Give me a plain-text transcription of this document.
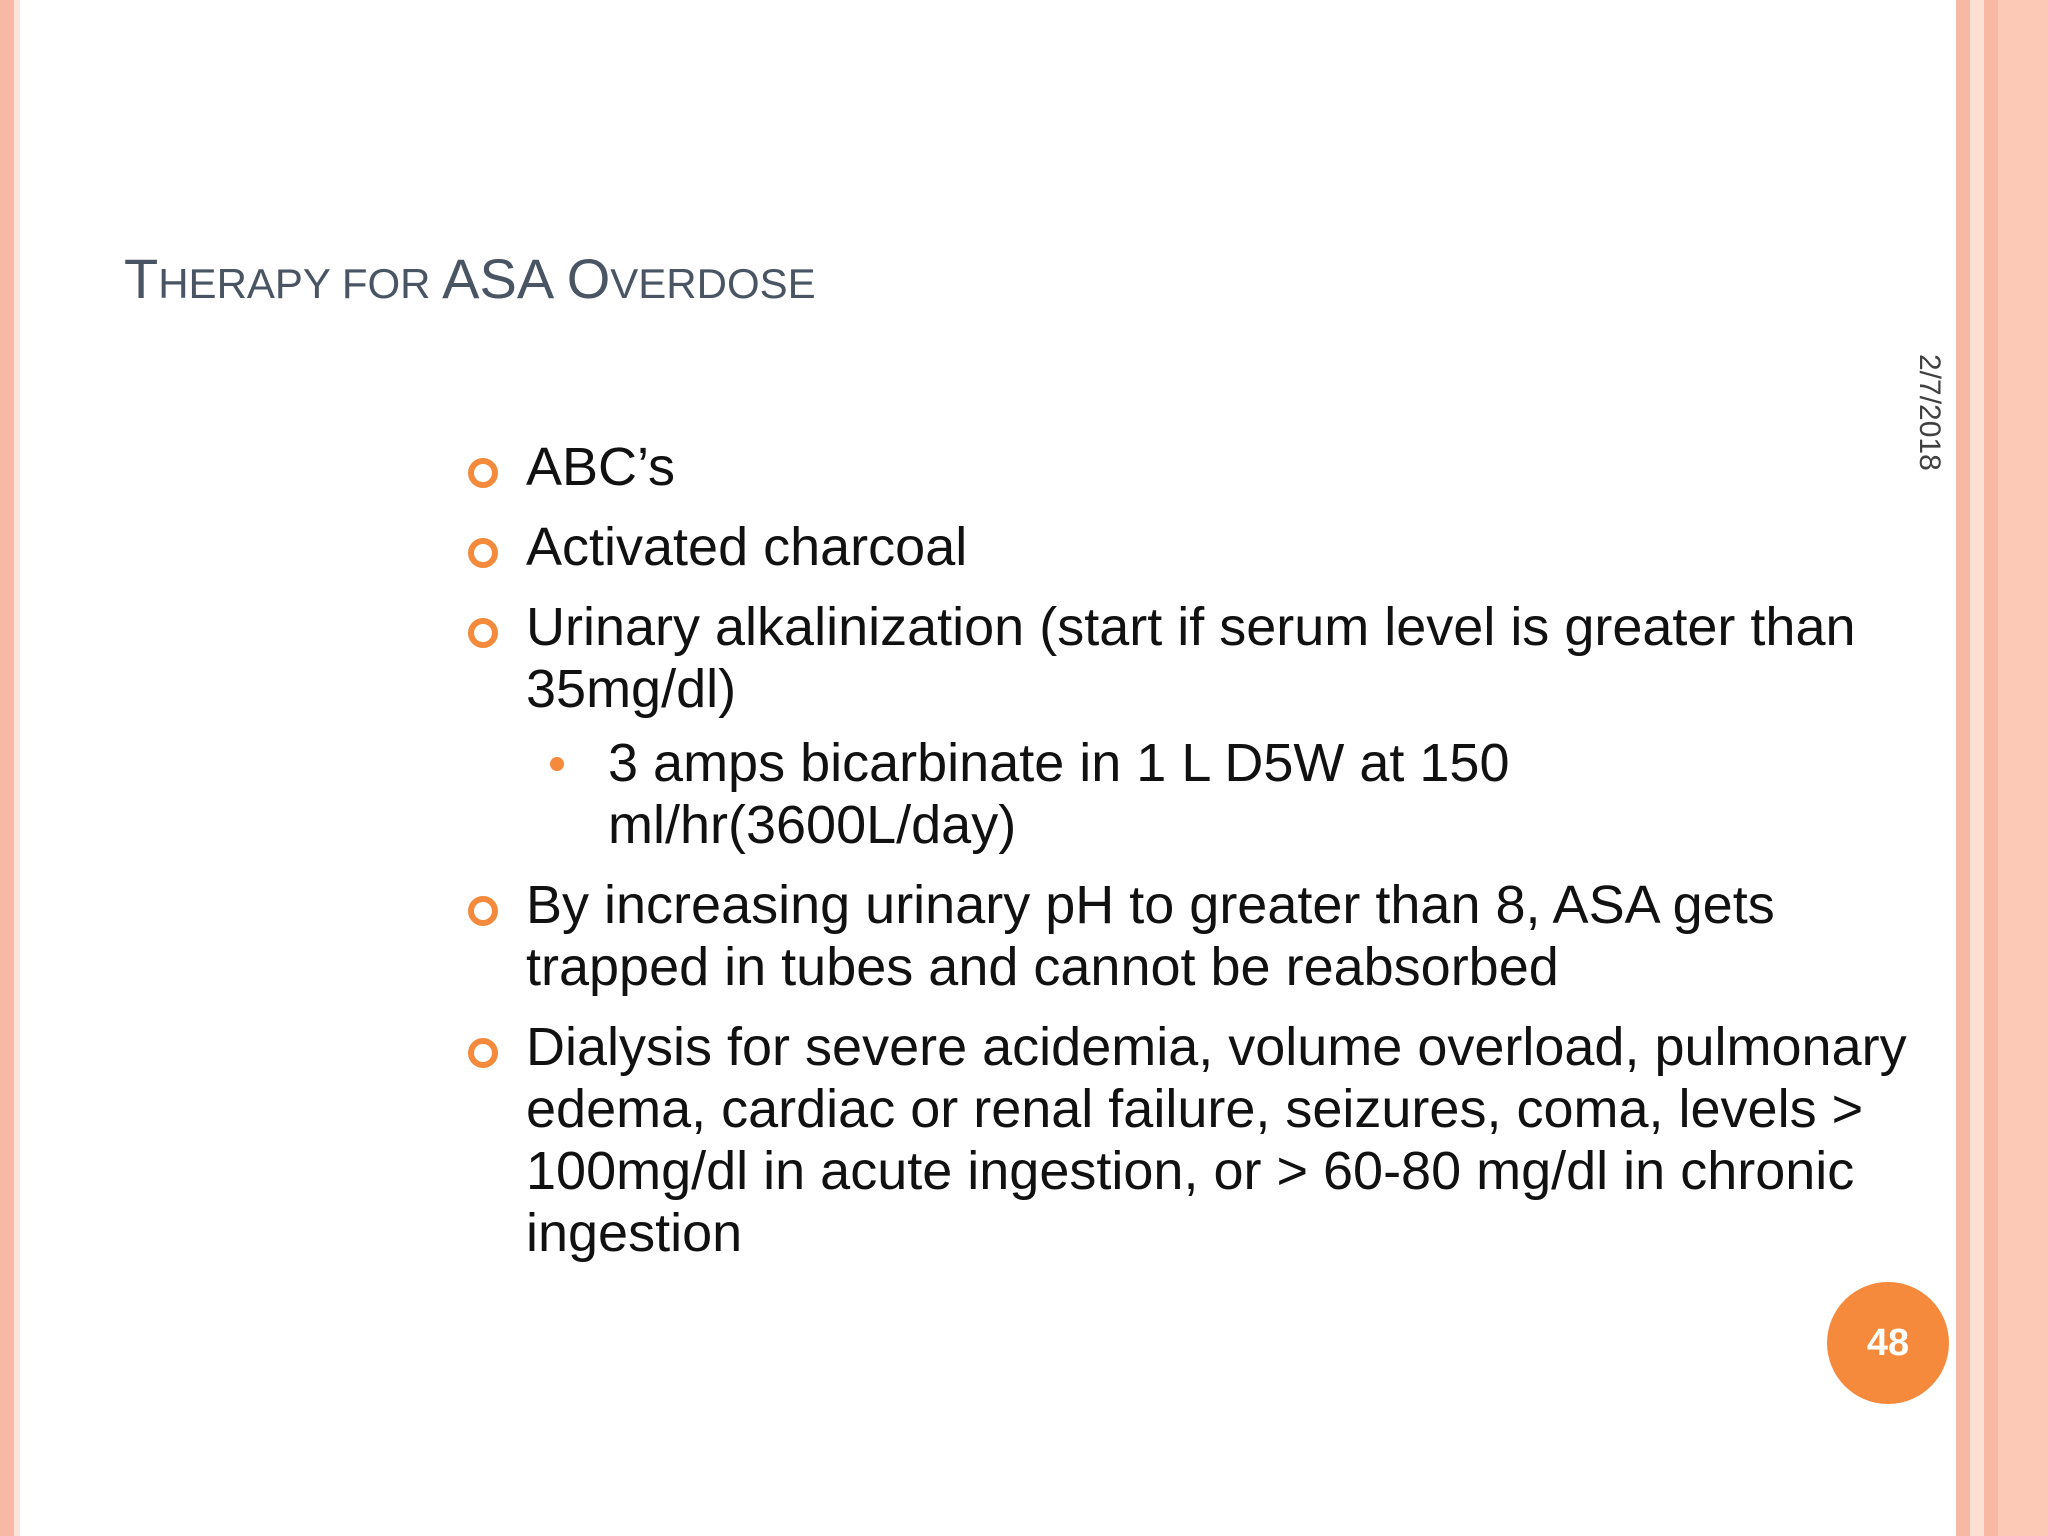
THERAPY FOR ASA OVERDOSE
2/7/2018
ABC’s
Activated charcoal
Urinary alkalinization (start if serum level is greater than 35mg/dl)
3 amps bicarbinate in 1 L D5W at 150 ml/hr(3600L/day)
By increasing urinary pH to greater than 8, ASA gets trapped in tubes and cannot be reabsorbed
Dialysis for severe acidemia, volume overload, pulmonary edema, cardiac or renal failure, seizures, coma, levels > 100mg/dl in acute ingestion, or > 60-80 mg/dl in chronic ingestion
48
